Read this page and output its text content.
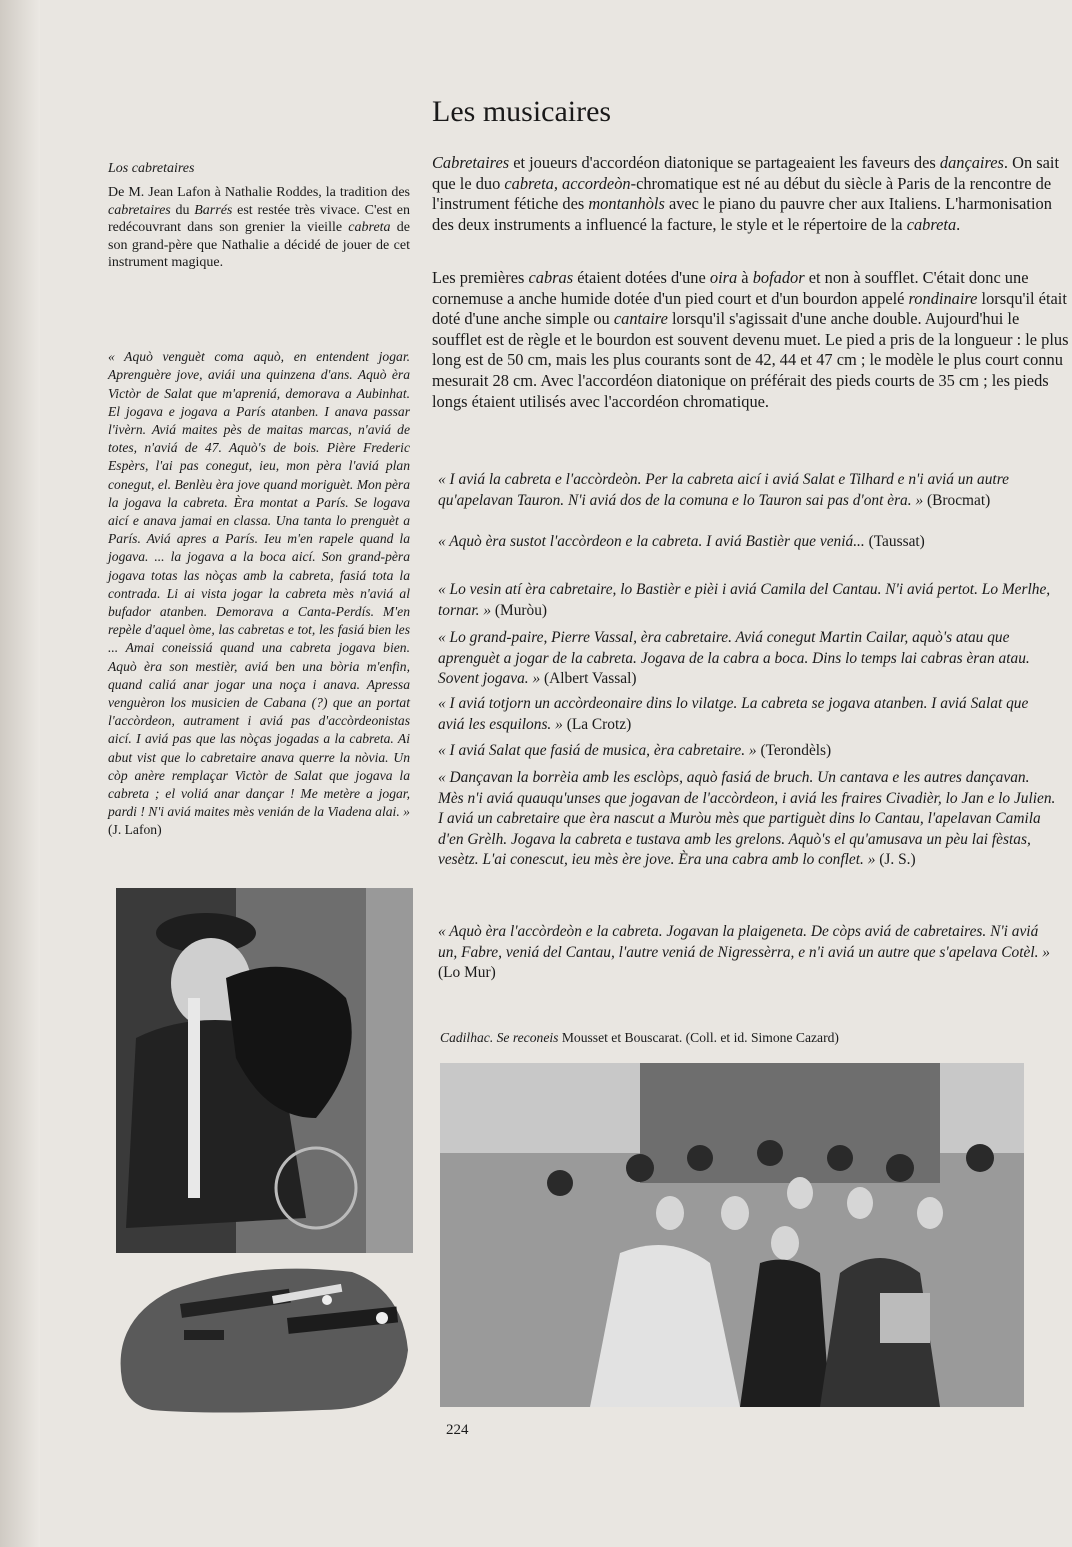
Les musicaires
Los cabretaires
De M. Jean Lafon à Nathalie Roddes, la tradition des cabretaires du Barrés est restée très vivace. C'est en redécouvrant dans son grenier la vieille cabreta de son grand-père que Nathalie a décidé de jouer de cet instrument magique.

« Aquò venguèt coma aquò, en entendent jogar. Aprenguère jove, aviái una quinzena d'ans. Aquò èra Victòr de Salat que m'apreniá, demorava a Aubinhat. El jogava e jogava a París atanben. I anava passar l'ivèrn. Aviá maites pès de maitas marcas, n'aviá de totes, n'aviá de 47. Aquò's de bois. Pière Frederic Espèrs, l'ai pas conegut, ieu, mon pèra l'aviá plan conegut, el. Benlèu èra jove quand moriguèt. Mon pèra la jogava la cabreta. Èra montat a París. Se logava aicí e anava jamai en classa. Una tanta lo prenguèt a París. Aviá apres a París. Ieu m'en rapele quand la jogava. ... la jogava a la boca aicí. Son grand-pèra jogava totas las nòças amb la cabreta, fasiá tota la contrada. Li ai vista jogar la cabreta mès n'aviá al bufador atanben. Demorava a Canta-Perdís. M'en repèle d'aquel òme, las cabretas e tot, les fasiá bien les ... Amai coneissiá quand una cabreta jogava bien. Aquò èra son mestièr, aviá ben una bòria m'enfin, quand caliá anar jogar una noça i anava. Apressa venguèron los musicien de Cabana (?) que an portat l'accòrdeon, autrament i aviá pas d'accòrdeonistas aicí. I aviá pas que las nòças jogadas a la cabreta. Ai abut vist que lo cabretaire anava querre la nòvia. Un còp anère remplaçar Victòr de Salat que jogava la cabreta ; el voliá anar dançar ! Me metère a jogar, pardi ! N'i aviá maites mès venián de la Viadena alai. »
(J. Lafon)

Cabretaires et joueurs d'accordéon diatonique se partageaient les faveurs des dançaires. On sait que le duo cabreta, accordeòn-chromatique est né au début du siècle à Paris de la rencontre de l'instrument fétiche des montanhòls avec le piano du pauvre cher aux Italiens. L'harmonisation des deux instruments a influencé la facture, le style et le répertoire de la cabreta.

Les premières cabras étaient dotées d'une oira à bofador et non à soufflet. C'était donc une cornemuse a anche humide dotée d'un pied court et d'un bourdon appelé rondinaire lorsqu'il était doté d'une anche simple ou cantaire lorsqu'il s'agissait d'une anche double. Aujourd'hui le soufflet est de règle et le bourdon est souvent devenu muet. Le pied a pris de la longueur : le plus long est de 50 cm, mais les plus courants sont de 42, 44 et 47 cm ; le modèle le plus court connu mesurait 28 cm. Avec l'accordéon diatonique on préférait des pieds courts de 35 cm ; les pieds longs étaient utilisés avec l'accordéon chromatique.

« I aviá la cabreta e l'accòrdeòn. Per la cabreta aicí i aviá Salat e Tilhard e n'i aviá un autre qu'apelavan Tauron. N'i aviá dos de la comuna e lo Tauron sai pas d'ont èra. » (Brocmat)

« Aquò èra sustot l'accòrdeon e la cabreta. I aviá Bastièr que veniá... (Taussat)

« Lo vesin atí èra cabretaire, lo Bastièr e pièi i aviá Camila del Cantau. N'i aviá pertot. Lo Merlhe, tornar. » (Muròu)

« Lo grand-paire, Pierre Vassal, èra cabretaire. Aviá conegut Martin Cailar, aquò's atau que aprenguèt a jogar de la cabreta. Jogava de la cabra a boca. Dins lo temps lai cabras èran atau. Sovent jogava. » (Albert Vassal)

« I aviá totjorn un accòrdeonaire dins lo vilatge. La cabreta se jogava atanben. I aviá Salat que aviá les esquilons. » (La Crotz)

« I aviá Salat que fasiá de musica, èra cabretaire. » (Terondèls)

« Dançavan la borrèia amb les esclòps, aquò fasiá de bruch. Un cantava e les autres dançavan. Mès n'i aviá quauqu'unses que jogavan de l'accòrdeon, i aviá les fraires Civadièr, lo Jan e lo Julien. I aviá un cabretaire que èra nascut a Muròu mès que partiguèt dins lo Cantau, l'apelavan Camila d'en Grèlh. Jogava la cabreta e tustava amb les grelons. Aquò's el qu'amusava un pèu lai fèstas, vesètz. L'ai conescut, ieu mès ère jove. Èra una cabra amb lo conflet. » (J. S.)

« Aquò èra l'accòrdeòn e la cabreta. Jogavan la plaigeneta. De còps aviá de cabretaires. N'i aviá un, Fabre, veniá del Cantau, l'autre veniá de Nigressèrra, e n'i aviá un autre que s'apelava Cotèl. » (Lo Mur)

Cadilhac. Se reconeis Mousset et Bouscarat. (Coll. et id. Simone Cazard)
224
